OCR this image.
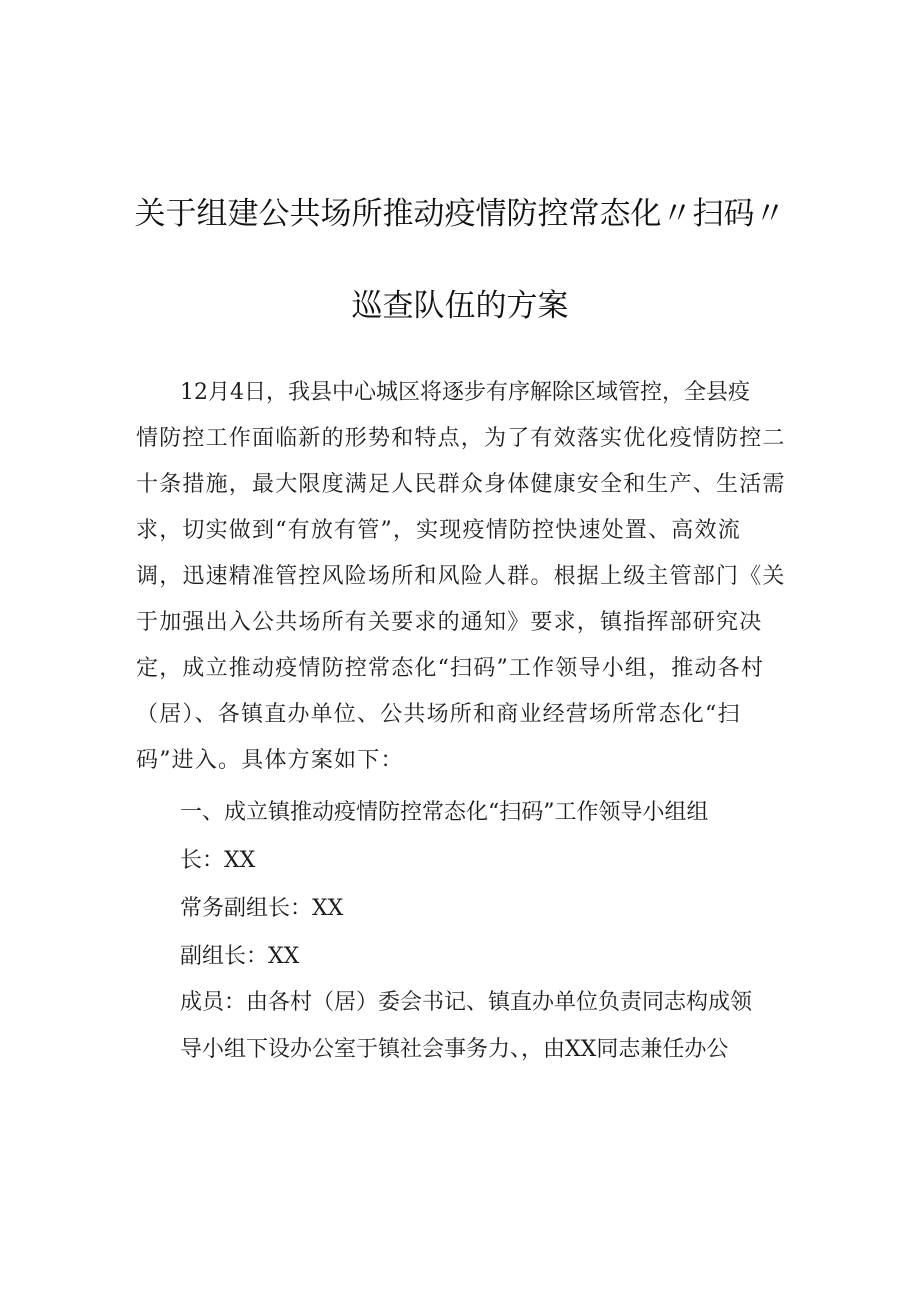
关于组建公共场所推动疫情防控常态化〃扫码〃
巡查队伍的方案
12月4日，我县中心城区将逐步有序解除区域管控，全县疫
情防控工作面临新的形势和特点，为了有效落实优化疫情防控二
十条措施，最大限度满足人民群众身体健康安全和生产、生活需
求，切实做到“有放有管”，实现疫情防控快速处置、高效流
调，迅速精准管控风险场所和风险人群。根据上级主管部门《关
于加强出入公共场所有关要求的通知》要求，镇指挥部研究决
定，成立推动疫情防控常态化“扫码”工作领导小组，推动各村
（居）、各镇直办单位、公共场所和商业经营场所常态化“扫
码”进入。具体方案如下：
一、成立镇推动疫情防控常态化“扫码”工作领导小组组
长：XX
常务副组长：XX
副组长：XX
成员：由各村（居）委会书记、镇直办单位负责同志构成领
导小组下设办公室于镇社会事务力、，由XX同志兼任办公
